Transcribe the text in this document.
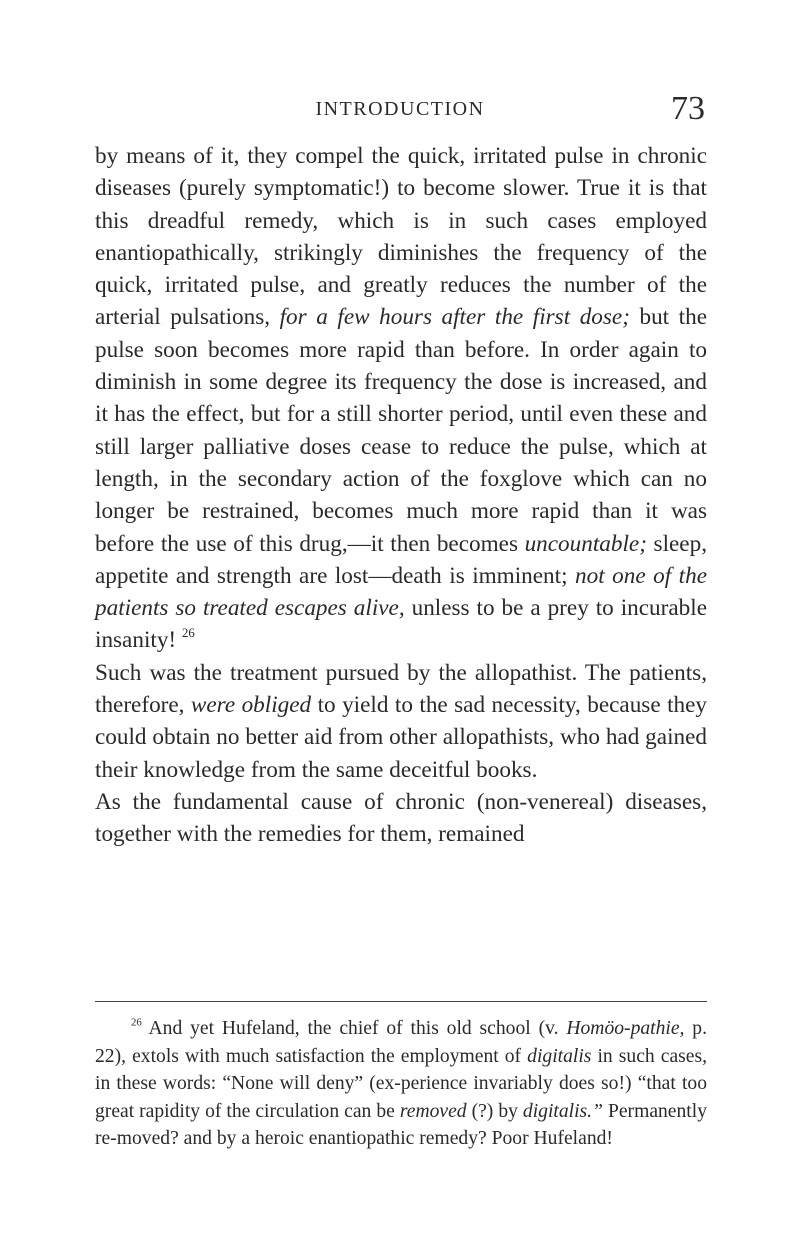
INTRODUCTION	73

by means of it, they compel the quick, irritated pulse in chronic diseases (purely symptomatic!) to become slower. True it is that this dreadful remedy, which is in such cases employed enantiopathically, strikingly diminishes the frequency of the quick, irritated pulse, and greatly reduces the number of the arterial pulsations, for a few hours after the first dose; but the pulse soon becomes more rapid than before. In order again to diminish in some degree its frequency the dose is increased, and it has the effect, but for a still shorter period, until even these and still larger palliative doses cease to reduce the pulse, which at length, in the secondary action of the foxglove which can no longer be restrained, becomes much more rapid than it was before the use of this drug,—it then becomes uncountable; sleep, appetite and strength are lost—death is imminent; not one of the patients so treated escapes alive, unless to be a prey to incurable insanity! $^{26}$

Such was the treatment pursued by the allopathist. The patients, therefore, were obliged to yield to the sad necessity, because they could obtain no better aid from other allopathists, who had gained their knowledge from the same deceitful books.

As the fundamental cause of chronic (non-venereal) diseases, together with the remedies for them, remained

$^{26}$ And yet Hufeland, the chief of this old school (v. Homöo-pathie, p. 22), extols with much satisfaction the employment of digitalis in such cases, in these words: “None will deny” (ex-perience invariably does so!) “that too great rapidity of the circulation can be removed (?) by digitalis.” Permanently re-moved? and by a heroic enantiopathic remedy? Poor Hufeland!
